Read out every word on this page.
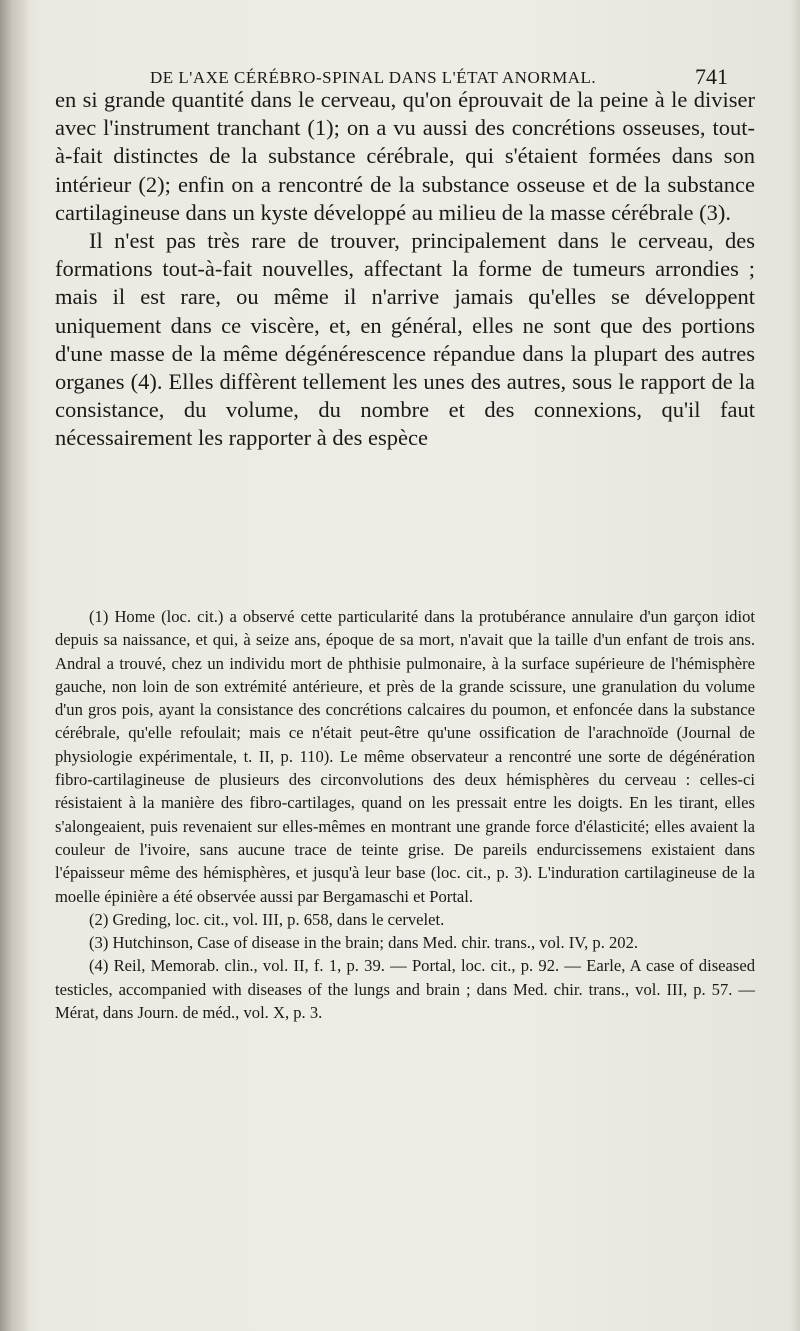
DE L'AXE CÉRÉBRO-SPINAL DANS L'ÉTAT ANORMAL.	741

en si grande quantité dans le cerveau, qu'on éprouvait de la peine à le diviser avec l'instrument tranchant (1); on a vu aussi des concrétions osseuses, tout-à-fait distinctes de la substance cérébrale, qui s'étaient formées dans son intérieur (2); enfin on a rencontré de la substance osseuse et de la substance cartilagineuse dans un kyste développé au milieu de la masse cérébrale (3).

Il n'est pas très rare de trouver, principalement dans le cerveau, des formations tout-à-fait nouvelles, affectant la forme de tumeurs arrondies ; mais il est rare, ou même il n'arrive jamais qu'elles se développent uniquement dans ce viscère, et, en général, elles ne sont que des portions d'une masse de la même dégénérescence répandue dans la plupart des autres organes (4). Elles diffèrent tellement les unes des autres, sous le rapport de la consistance, du volume, du nombre et des connexions, qu'il faut nécessairement les rapporter à des espèce

(1) Home (loc. cit.) a observé cette particularité dans la protubérance annulaire d'un garçon idiot depuis sa naissance, et qui, à seize ans, époque de sa mort, n'avait que la taille d'un enfant de trois ans. Andral a trouvé, chez un individu mort de phthisie pulmonaire, à la surface supérieure de l'hémisphère gauche, non loin de son extrémité antérieure, et près de la grande scissure, une granulation du volume d'un gros pois, ayant la consistance des concrétions calcaires du poumon, et enfoncée dans la substance cérébrale, qu'elle refoulait; mais ce n'était peut-être qu'une ossification de l'arachnoïde (Journal de physiologie expérimentale, t. II, p. 110). Le même observateur a rencontré une sorte de dégénération fibro-cartilagineuse de plusieurs des circonvolutions des deux hémisphères du cerveau : celles-ci résistaient à la manière des fibro-cartilages, quand on les pressait entre les doigts. En les tirant, elles s'alongeaient, puis revenaient sur elles-mêmes en montrant une grande force d'élasticité; elles avaient la couleur de l'ivoire, sans aucune trace de teinte grise. De pareils endurcissemens existaient dans l'épaisseur même des hémisphères, et jusqu'à leur base (loc. cit., p. 3). L'induration cartilagineuse de la moelle épinière a été observée aussi par Bergamaschi et Portal.

(2) Greding, loc. cit., vol. III, p. 658, dans le cervelet.

(3) Hutchinson, Case of disease in the brain; dans Med. chir. trans., vol. IV, p. 202.

(4) Reil, Memorab. clin., vol. II, f. 1, p. 39. — Portal, loc. cit., p. 92. — Earle, A case of diseased testicles, accompanied with diseases of the lungs and brain ; dans Med. chir. trans., vol. III, p. 57. — Mérat, dans Journ. de méd., vol. X, p. 3.
